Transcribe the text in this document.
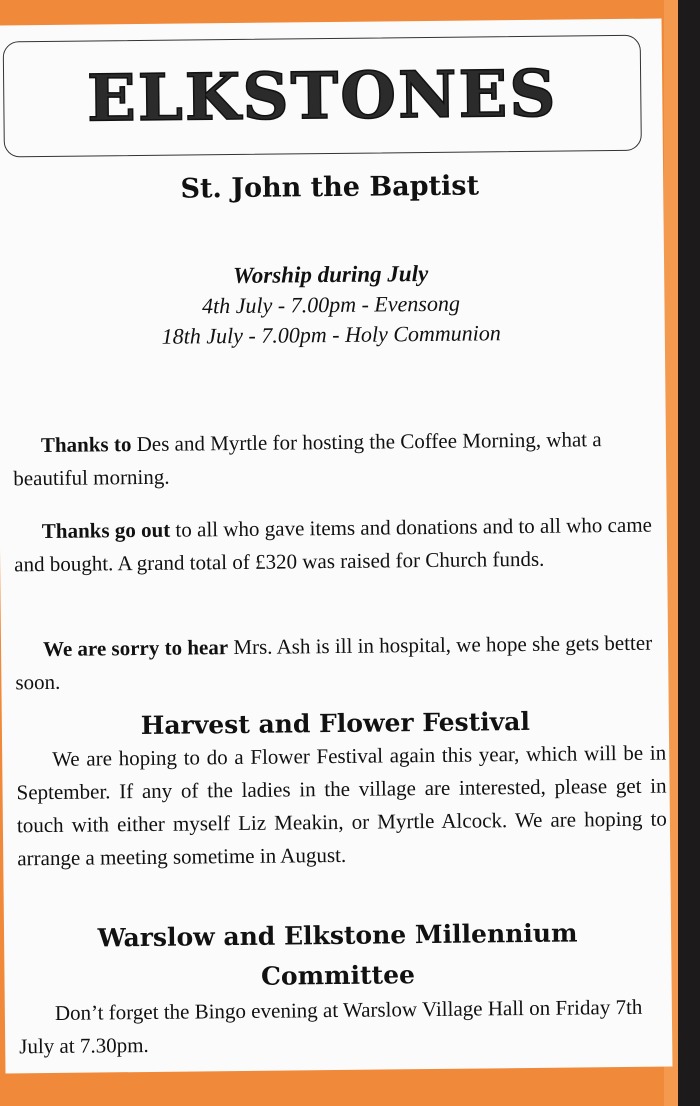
ELKSTONES
St. John the Baptist
Worship during July
4th July - 7.00pm - Evensong
18th July - 7.00pm - Holy Communion
Thanks to Des and Myrtle for hosting the Coffee Morning, what a beautiful morning.
Thanks go out to all who gave items and donations and to all who came and bought. A grand total of £320 was raised for Church funds.
We are sorry to hear Mrs. Ash is ill in hospital, we hope she gets better soon.
Harvest and Flower Festival
We are hoping to do a Flower Festival again this year, which will be in September. If any of the ladies in the village are interested, please get in touch with either myself Liz Meakin, or Myrtle Alcock. We are hoping to arrange a meeting sometime in August.
Warslow and Elkstone Millennium
Committee
Don’t forget the Bingo evening at Warslow Village Hall on Friday 7th July at 7.30pm.
